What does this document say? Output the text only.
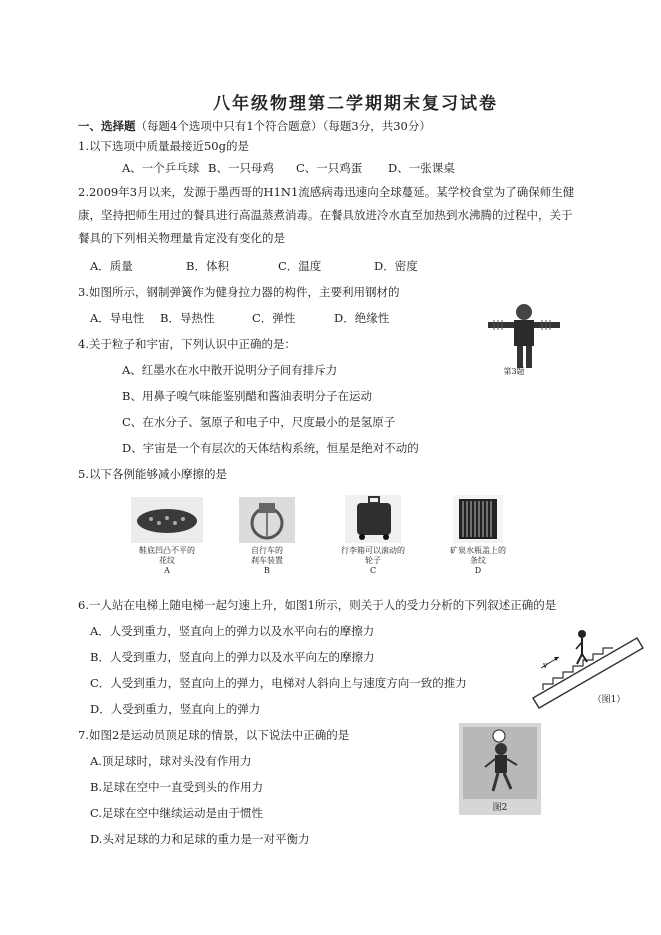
八年级物理第二学期期末复习试卷
一、选择题（每题4个选项中只有1个符合题意）（每题3分，共30分）
1.以下选项中质量最接近50g的是
A、一个乒乓球 B、一只母鸡 C、一只鸡蛋 D、一张课桌
2.2009年3月以来，发源于墨西哥的H1N1流感病毒迅速向全球蔓延。某学校食堂为了确保师生健
康，坚持把师生用过的餐具进行高温蒸煮消毒。在餐具放进冷水直至加热到水沸腾的过程中，关于
餐具的下列相关物理量肯定没有变化的是
A．质量	B．体积	C．温度	D．密度
3.如图所示，钢制弹簧作为健身拉力器的构件，主要利用钢材的
A．导电性 B．导热性	C．弹性	D．绝缘性
第3题
4.关于粒子和宇宙，下列认识中正确的是：
A、红墨水在水中散开说明分子间有排斥力
B、用鼻子嗅气味能鉴别醋和酱油表明分子在运动
C、在水分子、氢原子和电子中，尺度最小的是氢原子
D、宇宙是一个有层次的天体结构系统，恒星是绝对不动的
5.以下各例能够减小摩擦的是
鞋底凹凸不平的
花纹
A
自行车的
刹车装置
B
行李箱可以滚动的
轮子
C
矿泉水瓶盖上的
条纹
D
6.一人站在电梯上随电梯一起匀速上升，如图1所示，则关于人的受力分析的下列叙述正确的是
A．人受到重力，竖直向上的弹力以及水平向右的摩擦力
B．人受到重力，竖直向上的弹力以及水平向左的摩擦力
C．人受到重力，竖直向上的弹力，电梯对人斜向上与速度方向一致的推力
D．人受到重力，竖直向上的弹力
v
（图1）
7.如图2是运动员顶足球的情景，以下说法中正确的是
A.顶足球时，球对头没有作用力
B.足球在空中一直受到头的作用力
C.足球在空中继续运动是由于惯性
D.头对足球的力和足球的重力是一对平衡力
图2
